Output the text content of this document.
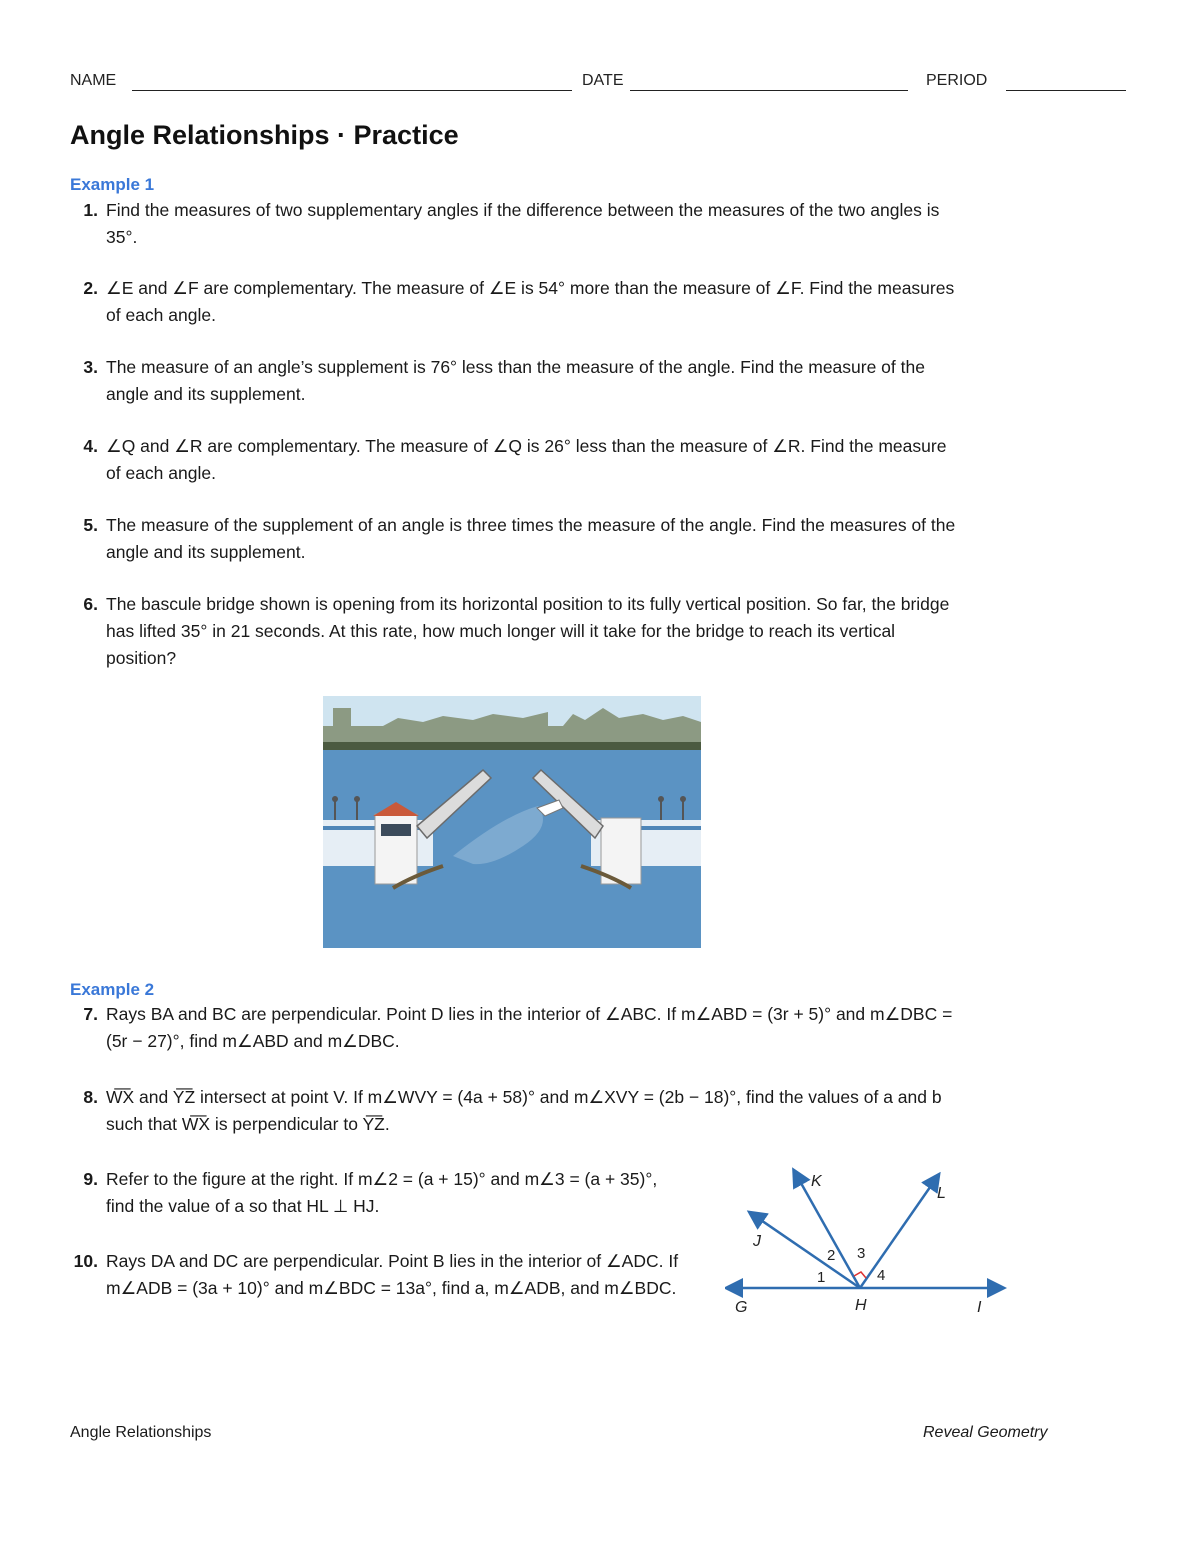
NAME	DATE	PERIOD
Angle Relationships · Practice
Example 1
1. Find the measures of two supplementary angles if the difference between the measures of the two angles is 35°.
2. ∠E and ∠F are complementary. The measure of ∠E is 54° more than the measure of ∠F. Find the measures of each angle.
3. The measure of an angle’s supplement is 76° less than the measure of the angle. Find the measure of the angle and its supplement.
4. ∠Q and ∠R are complementary. The measure of ∠Q is 26° less than the measure of ∠R. Find the measure of each angle.
5. The measure of the supplement of an angle is three times the measure of the angle. Find the measures of the angle and its supplement.
6. The bascule bridge shown is opening from its horizontal position to its fully vertical position. So far, the bridge has lifted 35° in 21 seconds. At this rate, how much longer will it take for the bridge to reach its vertical position?
Example 2
7. Rays BA and BC are perpendicular. Point D lies in the interior of ∠ABC. If m∠ABD = (3r + 5)° and m∠DBC = (5r − 27)°, find m∠ABD and m∠DBC.
8. W͞X and Y͞Z intersect at point V. If m∠WVY = (4a + 58)° and m∠XVY = (2b − 18)°, find the values of a and b such that W͞X is perpendicular to Y͞Z.
9. Refer to the figure at the right. If m∠2 = (a + 15)° and m∠3 = (a + 35)°, find the value of a so that HL ⊥ HJ.
10. Rays DA and DC are perpendicular. Point B lies in the interior of ∠ADC. If m∠ADB = (3a + 10)° and m∠BDC = 13a°, find a, m∠ADB, and m∠BDC.
K
L
J
G	H	I
1
2 3
4
Angle Relationships	Reveal Geometry
